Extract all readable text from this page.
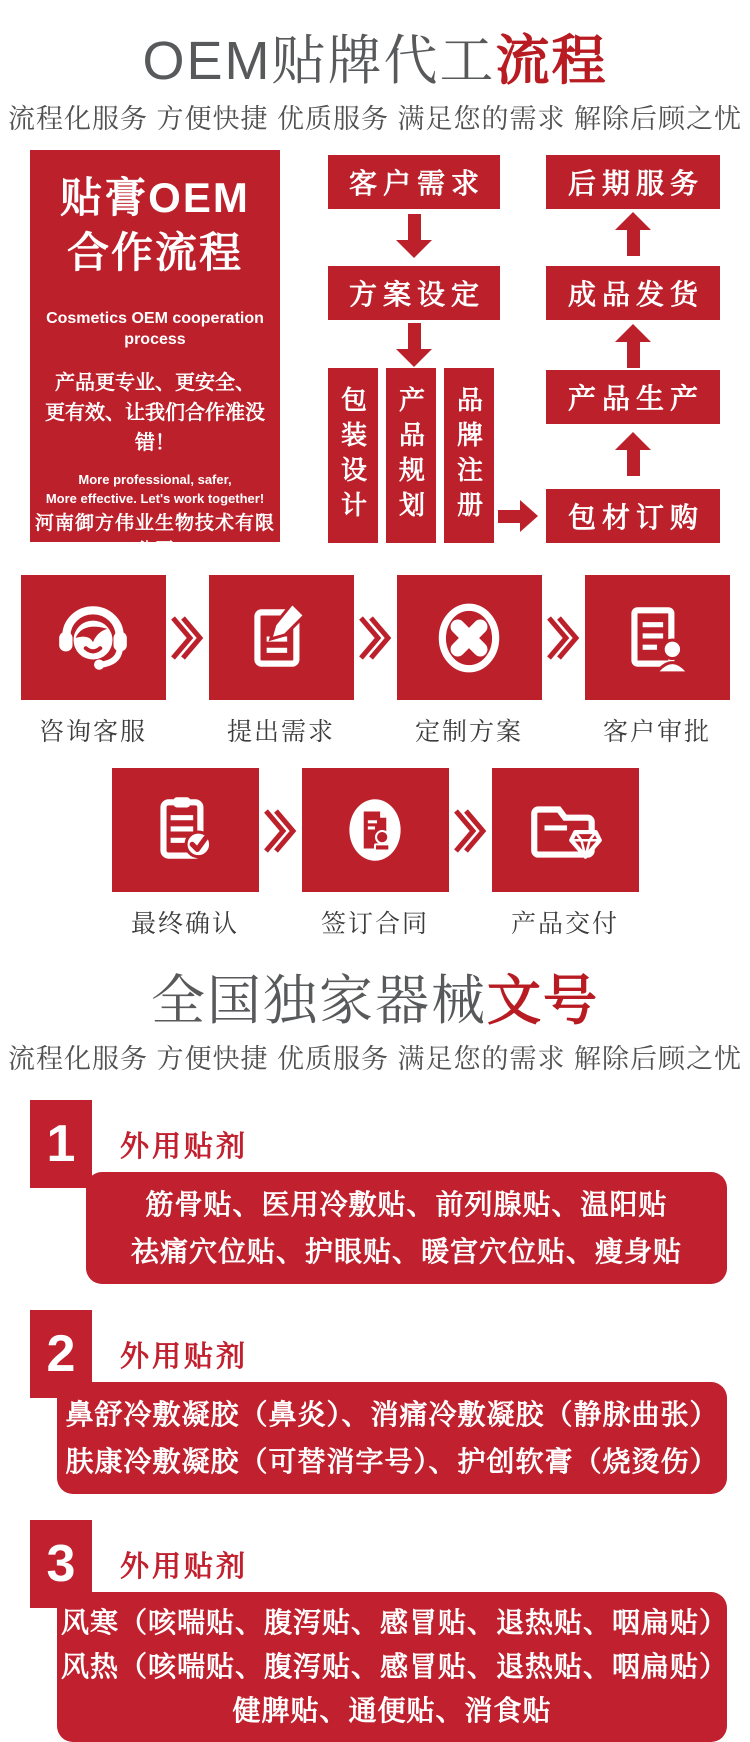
OEM贴牌代工流程
流程化服务 方便快捷 优质服务 满足您的需求 解除后顾之忧
贴膏OEM
合作流程
Cosmetics OEM cooperation
process
产品更专业、更安全、
更有效、让我们合作准没错！
More professional, safer,
More effective. Let's work together!
河南御方伟业生物技术有限公司
客户需求
方案设定
包装设计 产品规划 品牌注册
后期服务
成品发货
产品生产
包材订购
咨询客服	提出需求	定制方案	客户审批
最终确认	签订合同	产品交付
全国独家器械文号
流程化服务 方便快捷 优质服务 满足您的需求 解除后顾之忧
1	外用贴剂
筋骨贴、医用冷敷贴、前列腺贴、温阳贴
祛痛穴位贴、护眼贴、暖宫穴位贴、瘦身贴
2	外用贴剂
鼻舒冷敷凝胶（鼻炎）、消痛冷敷凝胶（静脉曲张）
肤康冷敷凝胶（可替消字号）、护创软膏（烧烫伤）
3	外用贴剂
风寒（咳喘贴、腹泻贴、感冒贴、退热贴、咽扁贴）
风热（咳喘贴、腹泻贴、感冒贴、退热贴、咽扁贴）
健脾贴、通便贴、消食贴
